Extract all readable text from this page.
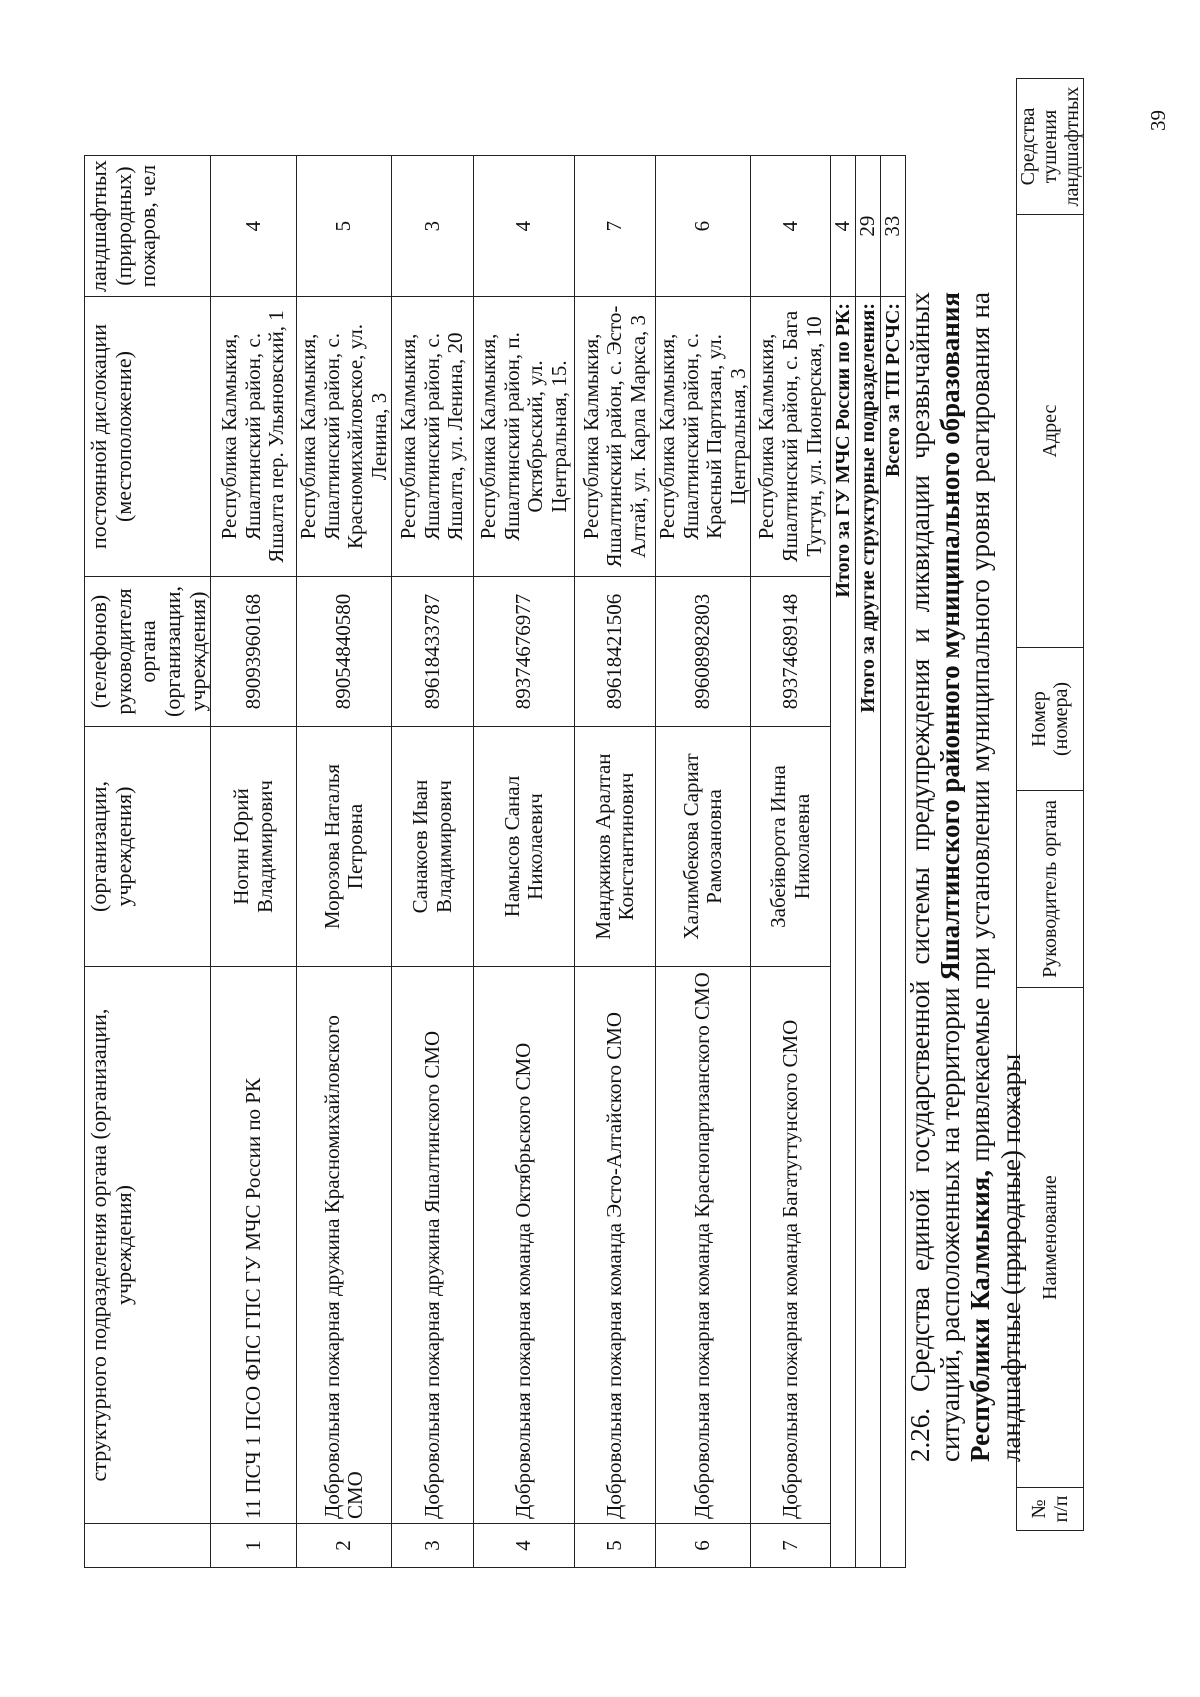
	структурного подразделения органа (организации, учреждения)	(организации, учреждения)	(телефонов) руководителя органа (организации, учреждения)	постоянной дислокации (местоположение)	ландшафтных (природных) пожаров, чел
1	11 ПСЧ 1 ПСО ФПС ГПС ГУ МЧС России по РК	Ногин Юрий Владимирович	89093960168	Республика Калмыкия, Яшалтинский район, с. Яшалта пер. Ульяновский, 1	4
2	Добровольная пожарная дружина Красномихайловского СМО	Морозова Наталья Петровна	89054840580	Республика Калмыкия, Яшалтинский район, с. Красномихайловское, ул. Ленина, 3	5
3	Добровольная пожарная дружина Яшалтинского СМО	Санакоев Иван Владимирович	89618433787	Республика Калмыкия, Яшалтинский район, с. Яшалта, ул. Ленина, 20	3
4	Добровольная пожарная команда Октябрьского СМО	Намысов Санал Николаевич	89374676977	Республика Калмыкия, Яшалтинский район, п. Октябрьский, ул. Центральная, 15.	4
5	Добровольная пожарная команда Эсто-Алтайского СМО	Манджиков Аралтан Константинович	89618421506	Республика Калмыкия, Яшалтинский район, с. Эсто-Алтай, ул. Карла Маркса, 3	7
6	Добровольная пожарная команда Краснопартизанского СМО	Халимбекова Сариат Рамозановна	89608982803	Республика Калмыкия, Яшалтинский район, с. Красный Партизан, ул. Центральная, 3	6
7	Добровольная пожарная команда Багатугтунского СМО	Забейворота Инна Николаевна	89374689148	Республика Калмыкия, Яшалтинский район, с. Бага Тугтун, ул. Пионерская, 10	4
Итого за ГУ МЧС России по РК:					4
Итого за другие структурные подразделения:					29
Всего за ТП РСЧС:					33
2.26. Средства единой государственной системы предупреждения и ликвидации чрезвычайных ситуаций, расположенных на территории Яшалтинского районного муниципального образования Республики Калмыкия, привлекаемые при установлении муниципального уровня реагирования на ландшафтные (природные) пожары
№ п/п	Наименование	Руководитель органа	Номер (номера)	Адрес	Средства тушения ландшафтных	39
